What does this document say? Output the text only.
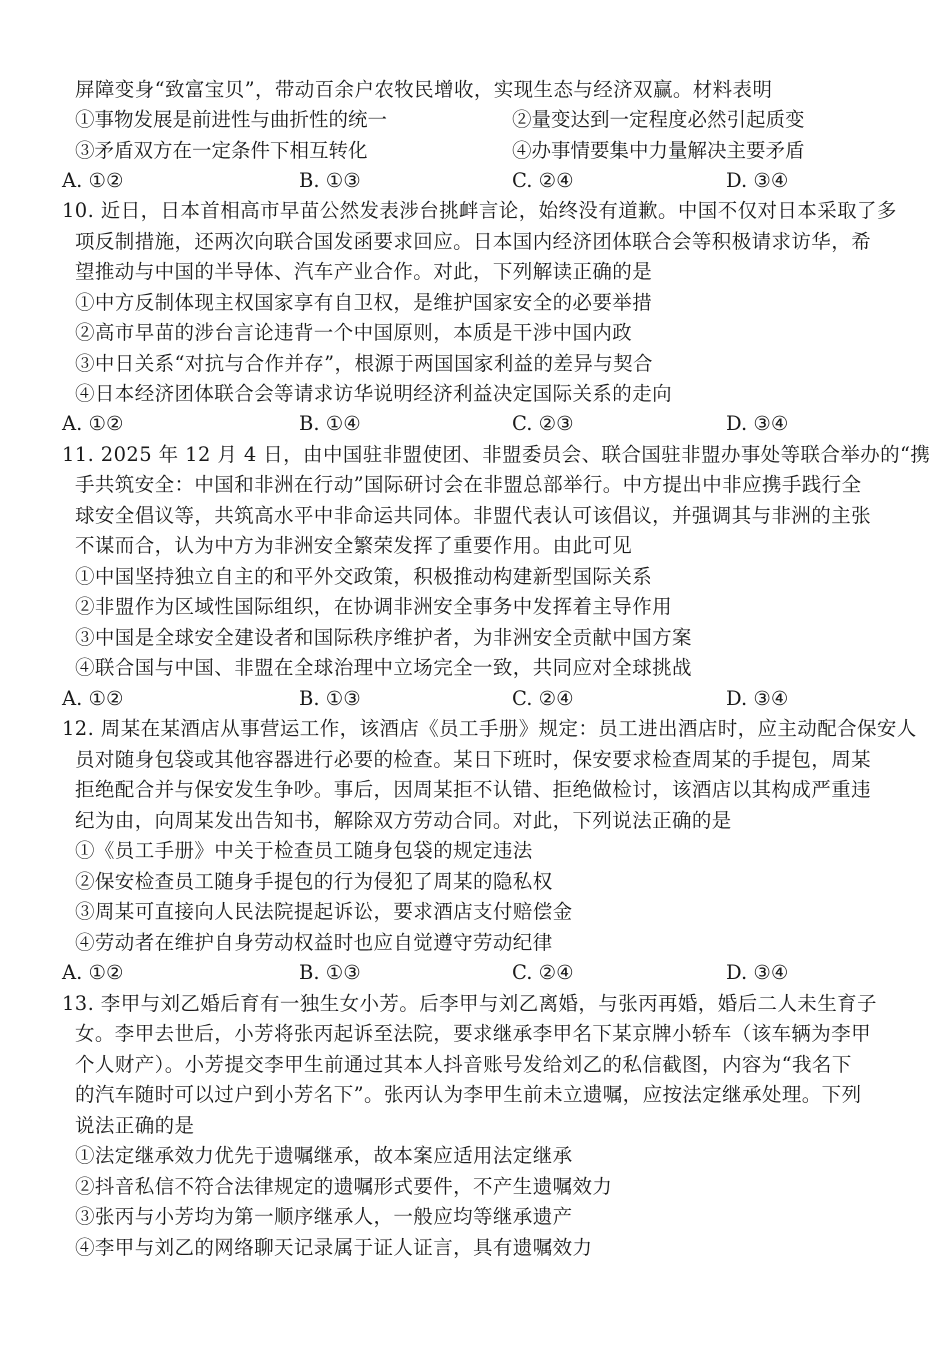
屏障变身“致富宝贝”，带动百余户农牧民增收，实现生态与经济双赢。材料表明
①事物发展是前进性与曲折性的统一	②量变达到一定程度必然引起质变
③矛盾双方在一定条件下相互转化	④办事情要集中力量解决主要矛盾
A. ①②	B. ①③	C. ②④	D. ③④
10. 近日，日本首相高市早苗公然发表涉台挑衅言论，始终没有道歉。中国不仅对日本采取了多
项反制措施，还两次向联合国发函要求回应。日本国内经济团体联合会等积极请求访华，希
望推动与中国的半导体、汽车产业合作。对此，下列解读正确的是
①中方反制体现主权国家享有自卫权，是维护国家安全的必要举措
②高市早苗的涉台言论违背一个中国原则，本质是干涉中国内政
③中日关系“对抗与合作并存”，根源于两国国家利益的差异与契合
④日本经济团体联合会等请求访华说明经济利益决定国际关系的走向
A. ①②	B. ①④	C. ②③	D. ③④
11. 2025 年 12 月 4 日，由中国驻非盟使团、非盟委员会、联合国驻非盟办事处等联合举办的“携
手共筑安全：中国和非洲在行动”国际研讨会在非盟总部举行。中方提出中非应携手践行全
球安全倡议等，共筑高水平中非命运共同体。非盟代表认可该倡议，并强调其与非洲的主张
不谋而合，认为中方为非洲安全繁荣发挥了重要作用。由此可见
①中国坚持独立自主的和平外交政策，积极推动构建新型国际关系
②非盟作为区域性国际组织，在协调非洲安全事务中发挥着主导作用
③中国是全球安全建设者和国际秩序维护者，为非洲安全贡献中国方案
④联合国与中国、非盟在全球治理中立场完全一致，共同应对全球挑战
A. ①②	B. ①③	C. ②④	D. ③④
12. 周某在某酒店从事营运工作，该酒店《员工手册》规定：员工进出酒店时，应主动配合保安人
员对随身包袋或其他容器进行必要的检查。某日下班时，保安要求检查周某的手提包，周某
拒绝配合并与保安发生争吵。事后，因周某拒不认错、拒绝做检讨，该酒店以其构成严重违
纪为由，向周某发出告知书，解除双方劳动合同。对此，下列说法正确的是
①《员工手册》中关于检查员工随身包袋的规定违法
②保安检查员工随身手提包的行为侵犯了周某的隐私权
③周某可直接向人民法院提起诉讼，要求酒店支付赔偿金
④劳动者在维护自身劳动权益时也应自觉遵守劳动纪律
A. ①②	B. ①③	C. ②④	D. ③④
13. 李甲与刘乙婚后育有一独生女小芳。后李甲与刘乙离婚，与张丙再婚，婚后二人未生育子
女。李甲去世后，小芳将张丙起诉至法院，要求继承李甲名下某京牌小轿车（该车辆为李甲
个人财产）。小芳提交李甲生前通过其本人抖音账号发给刘乙的私信截图，内容为“我名下
的汽车随时可以过户到小芳名下”。张丙认为李甲生前未立遗嘱，应按法定继承处理。下列
说法正确的是
①法定继承效力优先于遗嘱继承，故本案应适用法定继承
②抖音私信不符合法律规定的遗嘱形式要件，不产生遗嘱效力
③张丙与小芳均为第一顺序继承人，一般应均等继承遗产
④李甲与刘乙的网络聊天记录属于证人证言，具有遗嘱效力
